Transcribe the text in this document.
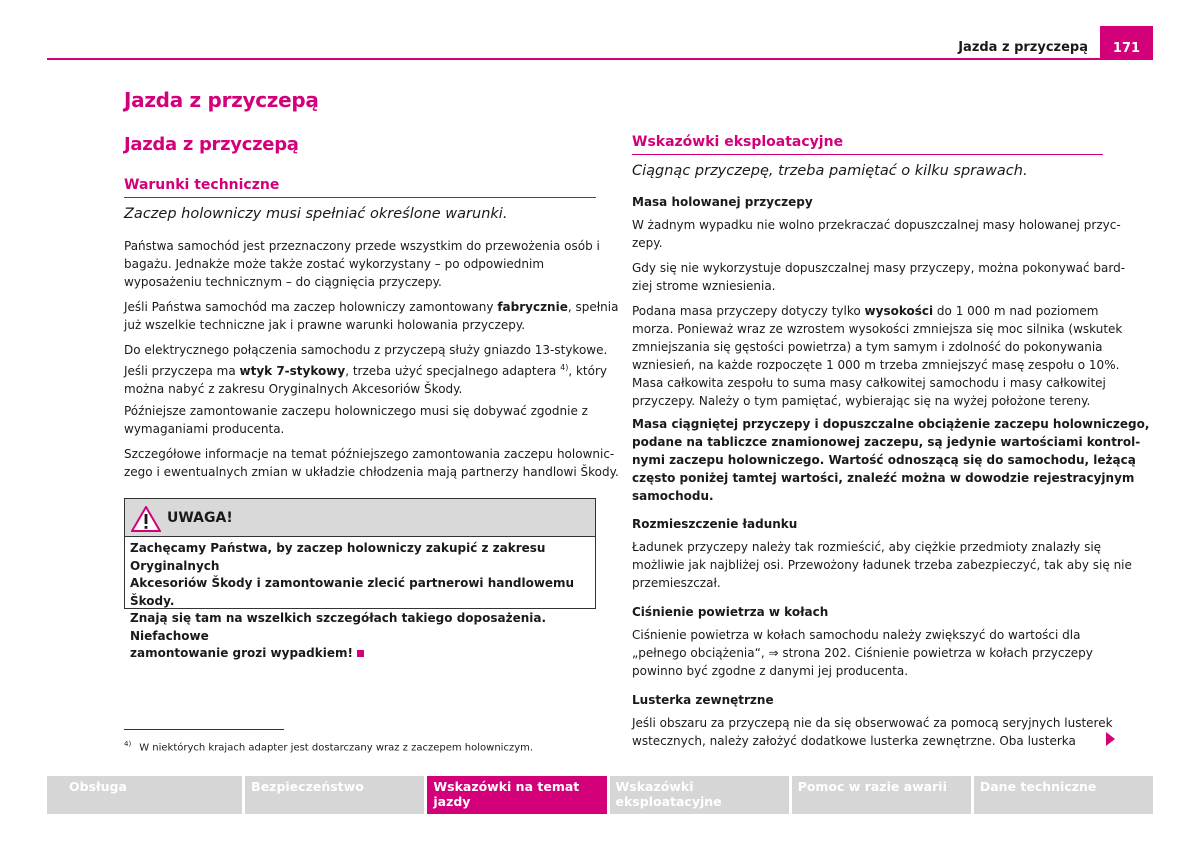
Jazda z przyczepą	171
Jazda z przyczepą
Jazda z przyczepą
Warunki techniczne
Zaczep holowniczy musi spełniać określone warunki.
Państwa samochód jest przeznaczony przede wszystkim do przewożenia osób i
bagażu. Jednakże może także zostać wykorzystany – po odpowiednim
wyposażeniu technicznym – do ciągnięcia przyczepy.
Jeśli Państwa samochód ma zaczep holowniczy zamontowany fabrycznie, spełnia
już wszelkie techniczne jak i prawne warunki holowania przyczepy.
Do elektrycznego połączenia samochodu z przyczepą służy gniazdo 13-stykowe.
Jeśli przyczepa ma wtyk 7-stykowy, trzeba użyć specjalnego adaptera $^{4)}$, który
można nabyć z zakresu Oryginalnych Akcesoriów Škody.
Późniejsze zamontowanie zaczepu holowniczego musi się dobywać zgodnie z
wymaganiami producenta.
Szczegółowe informacje na temat późniejszego zamontowania zaczepu holownic-
zego i ewentualnych zmian w układzie chłodzenia mają partnerzy handlowi Škody.
UWAGA!
Zachęcamy Państwa, by zaczep holowniczy zakupić z zakresu Oryginalnych
Akcesoriów Škody i zamontowanie zlecić partnerowi handlowemu Škody.
Znają się tam na wszelkich szczegółach takiego doposażenia. Niefachowe
zamontowanie grozi wypadkiem!
$^{4)}$ W niektórych krajach adapter jest dostarczany wraz z zaczepem holowniczym.
Wskazówki eksploatacyjne
Ciągnąc przyczepę, trzeba pamiętać o kilku sprawach.
Masa holowanej przyczepy
W żadnym wypadku nie wolno przekraczać dopuszczalnej masy holowanej przyc-
zepy.
Gdy się nie wykorzystuje dopuszczalnej masy przyczepy, można pokonywać bard-
ziej strome wzniesienia.
Podana masa przyczepy dotyczy tylko wysokości do 1 000 m nad poziomem
morza. Ponieważ wraz ze wzrostem wysokości zmniejsza się moc silnika (wskutek
zmniejszania się gęstości powietrza) a tym samym i zdolność do pokonywania
wzniesień, na każde rozpoczęte 1 000 m trzeba zmniejszyć masę zespołu o 10%.
Masa całkowita zespołu to suma masy całkowitej samochodu i masy całkowitej
przyczepy. Należy o tym pamiętać, wybierając się na wyżej położone tereny.
Masa ciągniętej przyczepy i dopuszczalne obciążenie zaczepu holowniczego,
podane na tabliczce znamionowej zaczepu, są jedynie wartościami kontrol-
nymi zaczepu holowniczego. Wartość odnoszącą się do samochodu, leżącą
często poniżej tamtej wartości, znaleźć można w dowodzie rejestracyjnym
samochodu.
Rozmieszczenie ładunku
Ładunek przyczepy należy tak rozmieścić, aby ciężkie przedmioty znalazły się
możliwie jak najbliżej osi. Przewożony ładunek trzeba zabezpieczyć, tak aby się nie
przemieszczał.
Ciśnienie powietrza w kołach
Ciśnienie powietrza w kołach samochodu należy zwiększyć do wartości dla
„pełnego obciążenia“, ⇒ strona 202. Ciśnienie powietrza w kołach przyczepy
powinno być zgodne z danymi jej producenta.
Lusterka zewnętrzne
Jeśli obszaru za przyczepą nie da się obserwować za pomocą seryjnych lusterek
wstecznych, należy założyć dodatkowe lusterka zewnętrzne. Oba lusterka
Obsługa	Bezpieczeństwo	Wskazówki na temat jazdy
Wskazówki eksploatacyjne
Pomoc w razie awarii	Dane techniczne
